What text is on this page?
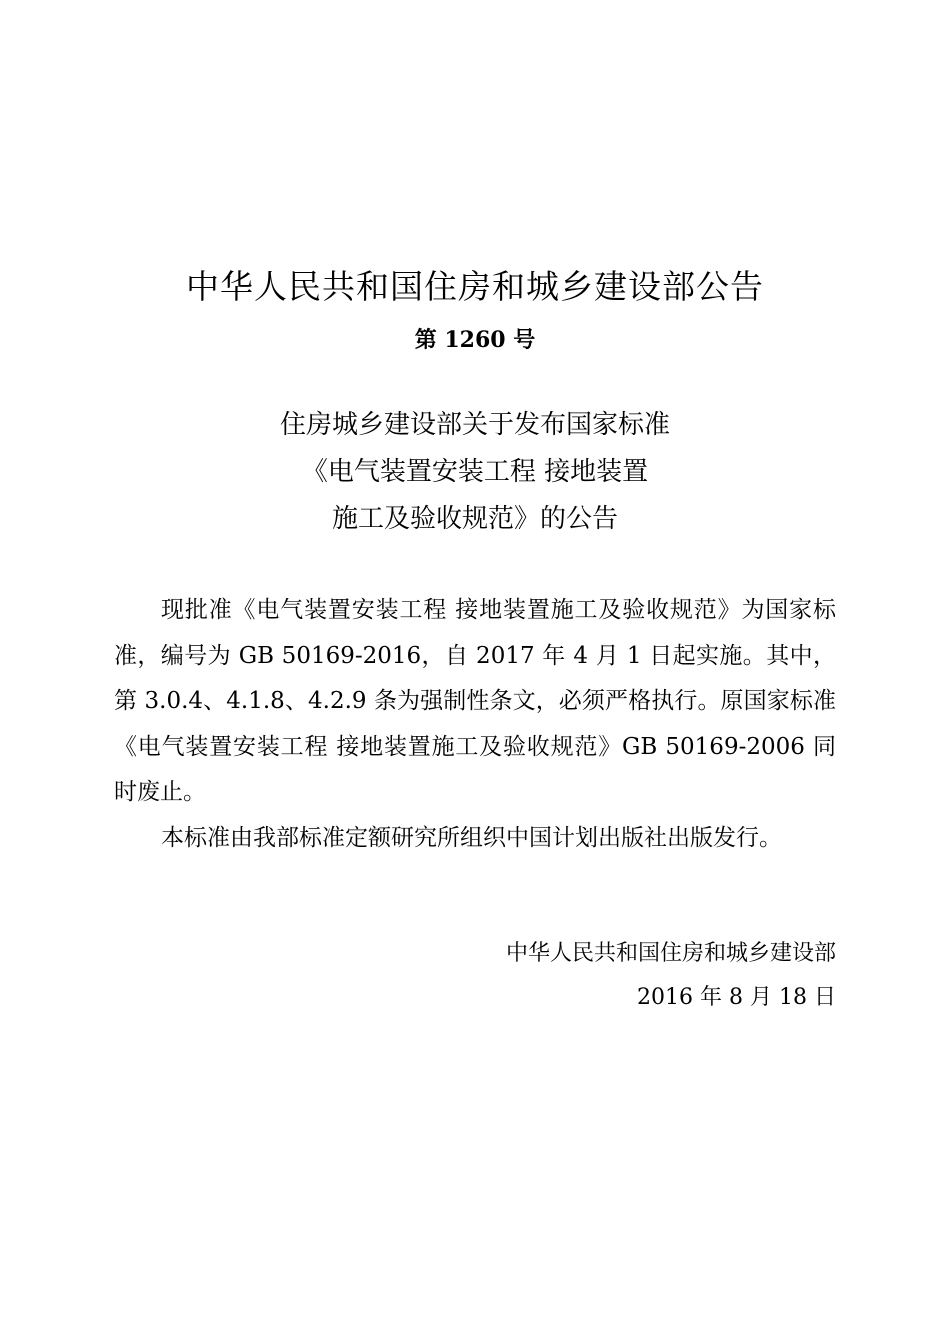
中华人民共和国住房和城乡建设部公告
第 1260 号
住房城乡建设部关于发布国家标准
《电气装置安装工程 接地装置
施工及验收规范》的公告

现批准《电气装置安装工程 接地装置施工及验收规范》为国家标准，编号为 GB 50169-2016，自 2017 年 4 月 1 日起实施。其中，第 3.0.4、4.1.8、4.2.9 条为强制性条文，必须严格执行。原国家标准《电气装置安装工程 接地装置施工及验收规范》GB 50169-2006 同时废止。

本标准由我部标准定额研究所组织中国计划出版社出版发行。

中华人民共和国住房和城乡建设部
2016 年 8 月 18 日
